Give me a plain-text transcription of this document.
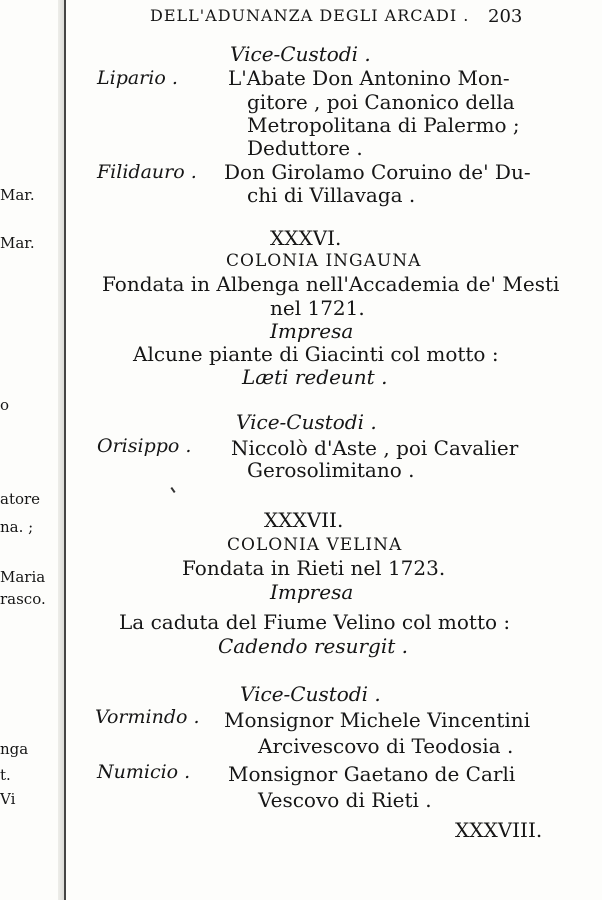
Mar.
Mar.
o
atore
na. ;
Maria
rasco.
nga
t.
Vi
DELL'ADUNANZA DEGLI ARCADI . 203
Vice-Custodi .
Lipario .	L'Abate Don Antonino Mon-
gitore , poi Canonico della
Metropolitana di Palermo ;
Deduttore .
Filidauro . Don Girolamo Coruino de' Du-
chi di Villavaga .
XXXVI.
COLONIA INGAUNA
Fondata in Albenga nell'Accademia de' Mesti
nel 1721.
Impresa
Alcune piante di Giacinti col motto :
Læti redeunt .
Vice-Custodi .
Orisippo . Niccolò d'Aste , poi Cavalier
Gerosolimitano .
XXXVII.
COLONIA VELINA
Fondata in Rieti nel 1723.
Impresa
La caduta del Fiume Velino col motto :
Cadendo resurgit .
Vice-Custodi .
Vormindo . Monsignor Michele Vincentini
Arcivescovo di Teodosia .
Numicio . Monsignor Gaetano de Carli
Vescovo di Rieti .
XXXVIII.
